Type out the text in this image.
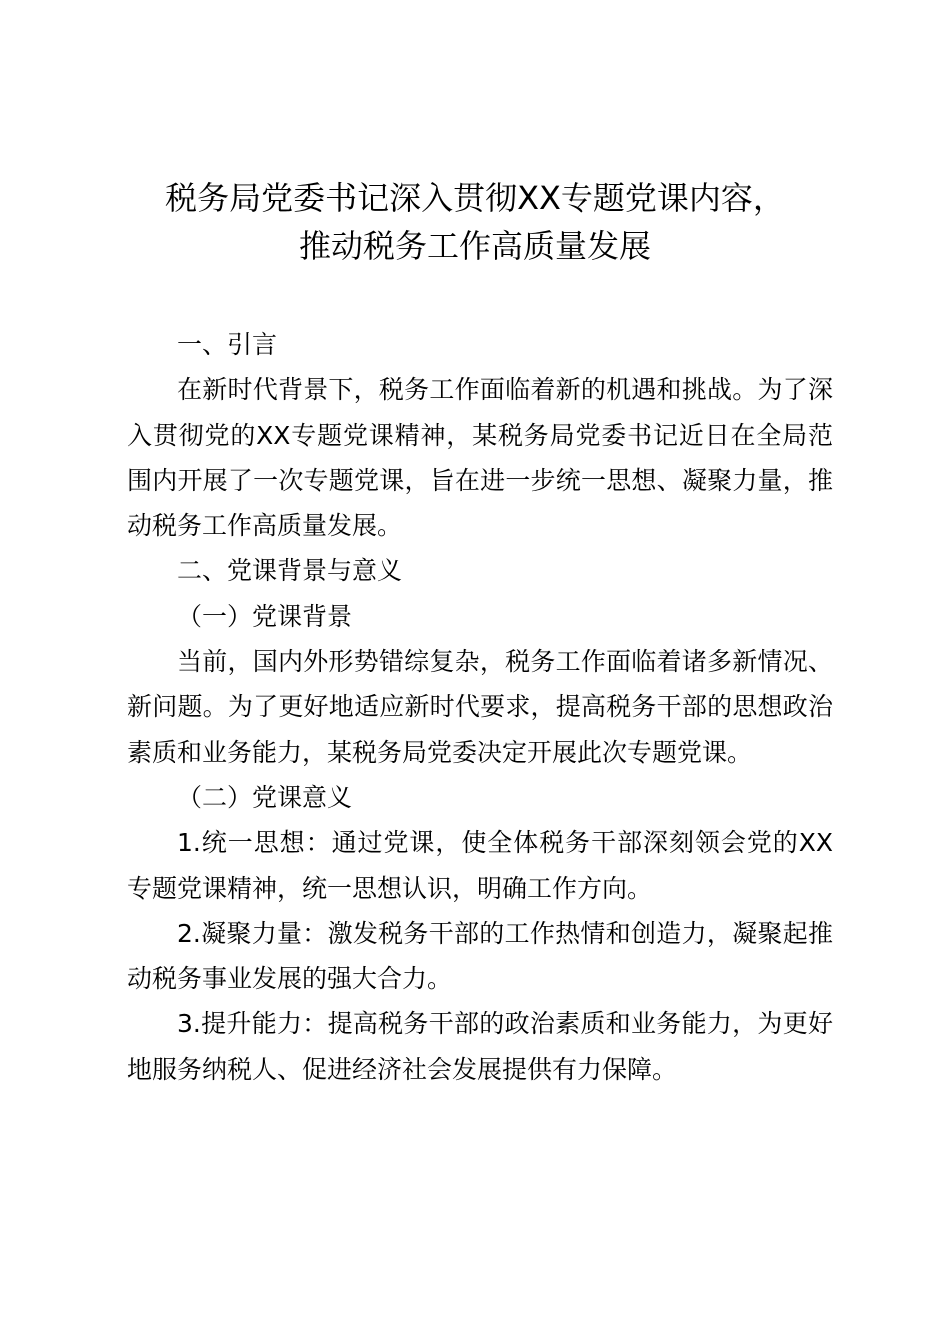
税务局党委书记深入贯彻XX专题党课内容，
推动税务工作高质量发展

一、引言

在新时代背景下，税务工作面临着新的机遇和挑战。为了深入贯彻党的XX专题党课精神，某税务局党委书记近日在全局范围内开展了一次专题党课，旨在进一步统一思想、凝聚力量，推动税务工作高质量发展。

二、党课背景与意义

（一）党课背景

当前，国内外形势错综复杂，税务工作面临着诸多新情况、新问题。为了更好地适应新时代要求，提高税务干部的思想政治素质和业务能力，某税务局党委决定开展此次专题党课。

（二）党课意义

1.统一思想：通过党课，使全体税务干部深刻领会党的XX专题党课精神，统一思想认识，明确工作方向。

2.凝聚力量：激发税务干部的工作热情和创造力，凝聚起推动税务事业发展的强大合力。

3.提升能力：提高税务干部的政治素质和业务能力，为更好地服务纳税人、促进经济社会发展提供有力保障。
